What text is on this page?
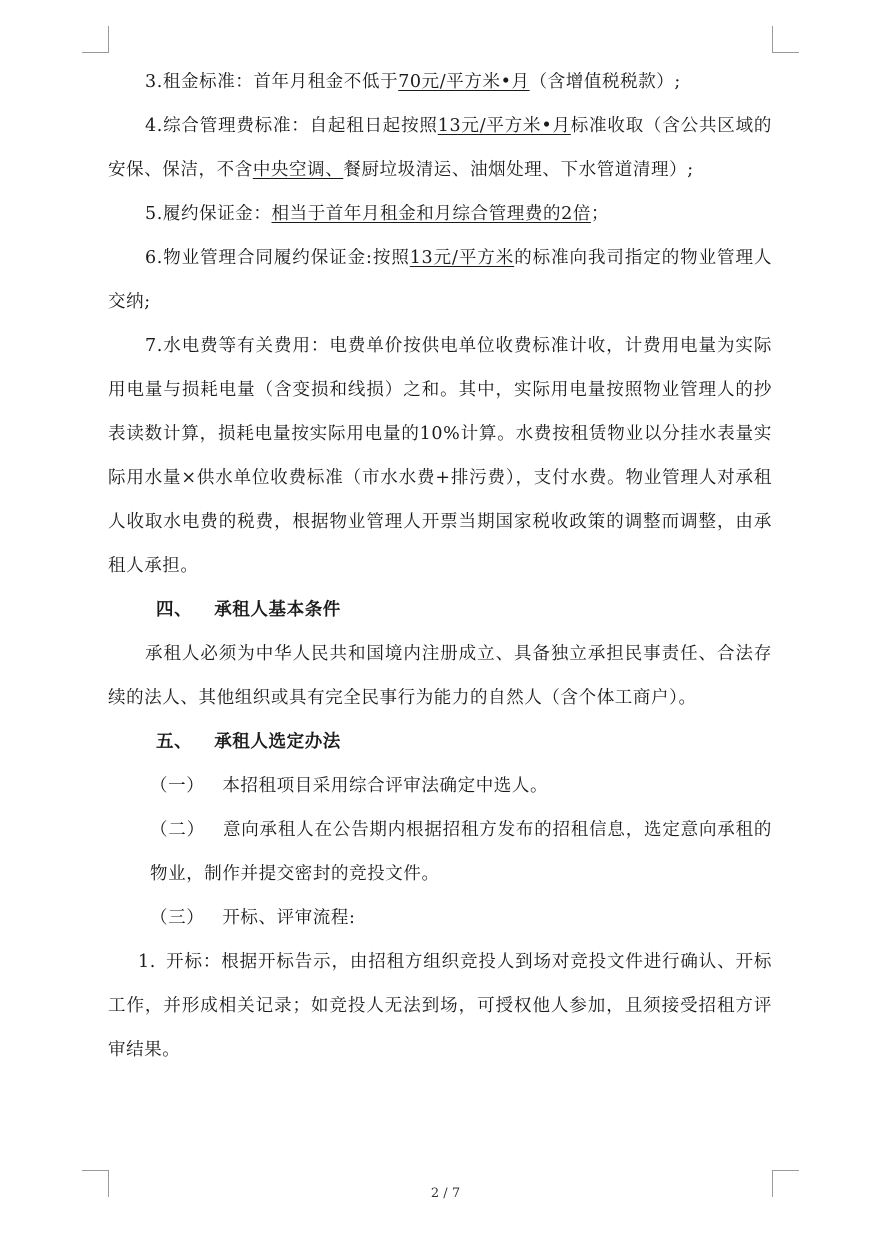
3.租金标准：首年月租金不低于70元/平方米•月（含增值税税款）;

4.综合管理费标准：自起租日起按照13元/平方米•月标准收取（含公共区域的安保、保洁，不含中央空调、餐厨垃圾清运、油烟处理、下水管道清理）;

5.履约保证金：相当于首年月租金和月综合管理费的2倍；

6.物业管理合同履约保证金:按照13元/平方米的标准向我司指定的物业管理人交纳;

7.水电费等有关费用：电费单价按供电单位收费标准计收，计费用电量为实际用电量与损耗电量（含变损和线损）之和。其中，实际用电量按照物业管理人的抄表读数计算，损耗电量按实际用电量的10%计算。水费按租赁物业以分挂水表量实际用水量×供水单位收费标准（市水水费+排污费），支付水费。物业管理人对承租人收取水电费的税费，根据物业管理人开票当期国家税收政策的调整而调整，由承租人承担。

四、 承租人基本条件

承租人必须为中华人民共和国境内注册成立、具备独立承担民事责任、合法存续的法人、其他组织或具有完全民事行为能力的自然人（含个体工商户）。

五、 承租人选定办法

（一） 本招租项目采用综合评审法确定中选人。

（二） 意向承租人在公告期内根据招租方发布的招租信息，选定意向承租的物业，制作并提交密封的竞投文件。

（三） 开标、评审流程:

1. 开标：根据开标告示，由招租方组织竞投人到场对竞投文件进行确认、开标工作，并形成相关记录；如竞投人无法到场，可授权他人参加，且须接受招租方评审结果。

2 / 7
